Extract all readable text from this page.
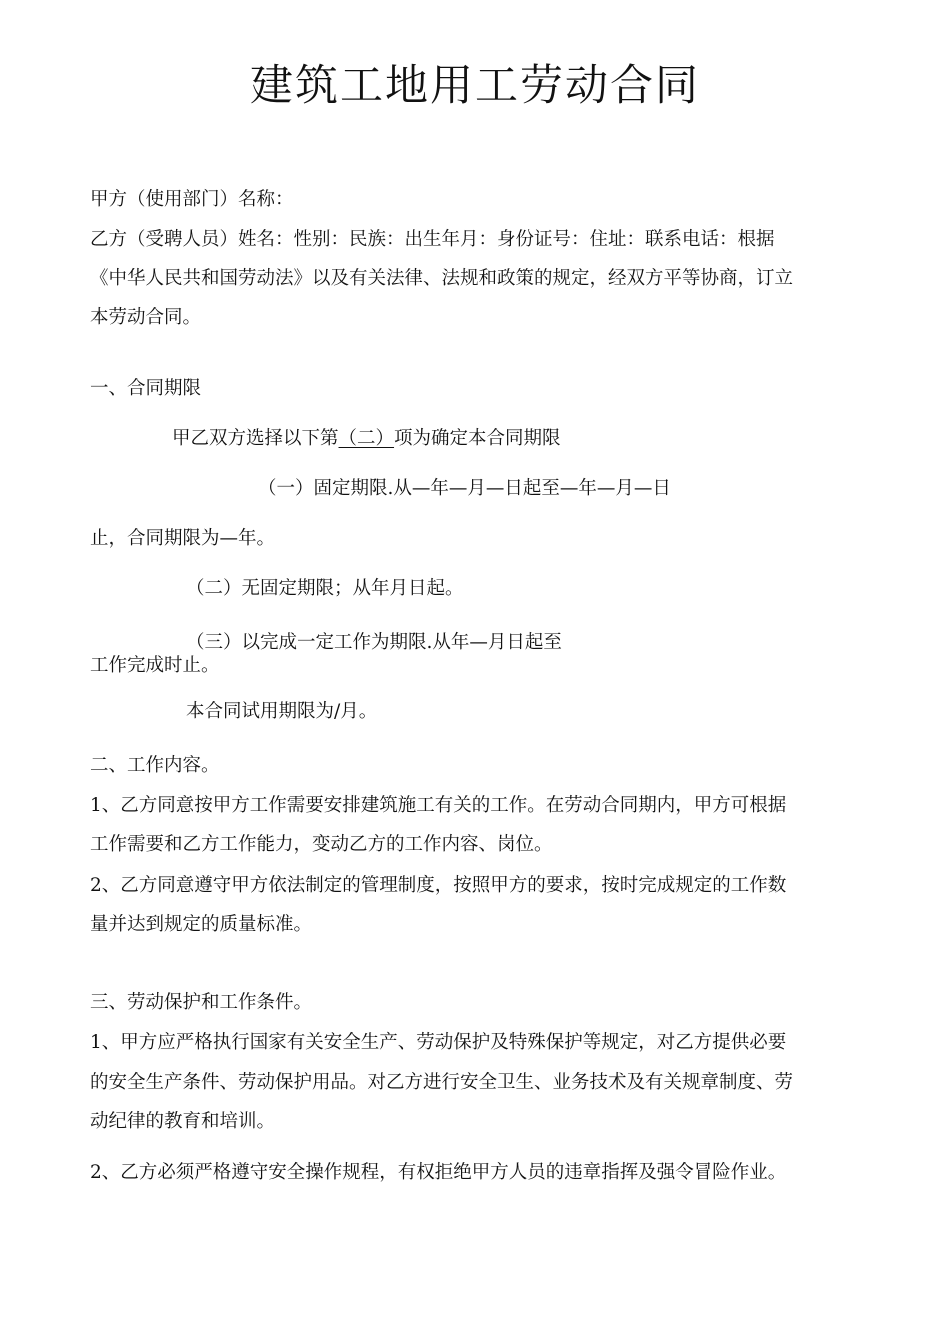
建筑工地用工劳动合同
甲方（使用部门）名称：
乙方（受聘人员）姓名：性别：民族：出生年月：身份证号：住址：联系电话：根据
《中华人民共和国劳动法》以及有关法律、法规和政策的规定，经双方平等协商，订立
本劳动合同。
一、合同期限
甲乙双方选择以下第（二）项为确定本合同期限
（一）固定期限.从—年—月—日起至—年—月—日
止，合同期限为—年。
（二）无固定期限；从年月日起。
（三）以完成一定工作为期限.从年—月日起至
工作完成时止。
本合同试用期限为/月。
二、工作内容。
1、乙方同意按甲方工作需要安排建筑施工有关的工作。在劳动合同期内，甲方可根据
工作需要和乙方工作能力，变动乙方的工作内容、岗位。
2、乙方同意遵守甲方依法制定的管理制度，按照甲方的要求，按时完成规定的工作数
量并达到规定的质量标准。
三、劳动保护和工作条件。
1、甲方应严格执行国家有关安全生产、劳动保护及特殊保护等规定，对乙方提供必要
的安全生产条件、劳动保护用品。对乙方进行安全卫生、业务技术及有关规章制度、劳
动纪律的教育和培训。
2、乙方必须严格遵守安全操作规程，有权拒绝甲方人员的违章指挥及强令冒险作业。
